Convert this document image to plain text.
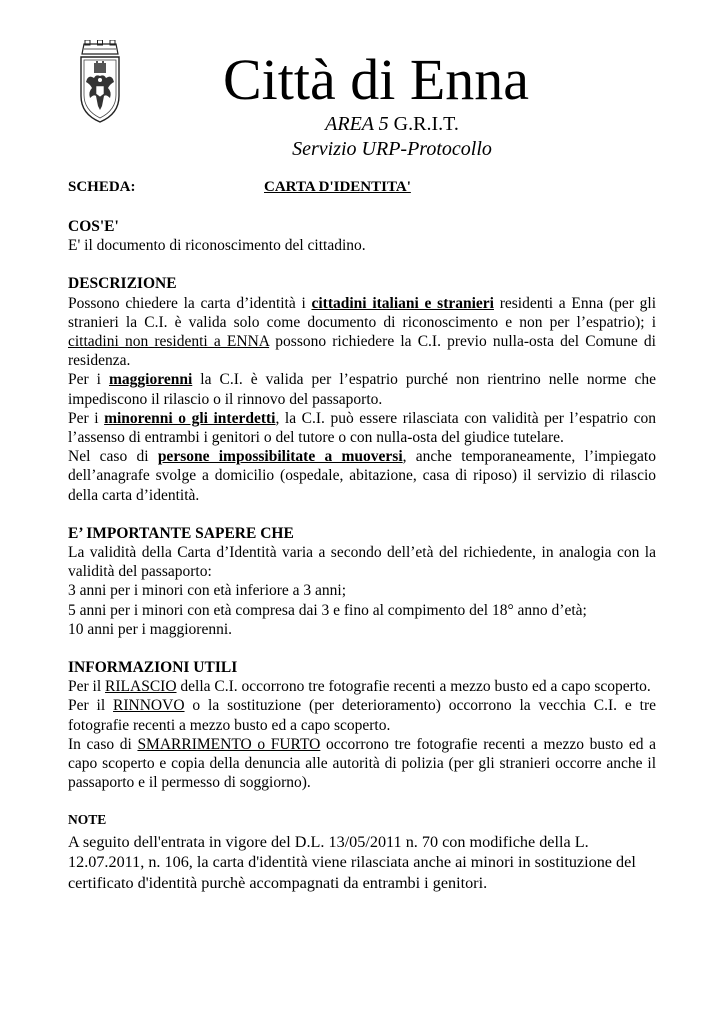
Città di Enna
AREA 5 G.R.I.T.
Servizio URP-Protocollo
SCHEDA:	CARTA D'IDENTITA'

COS'E'

E' il documento di riconoscimento del cittadino.

DESCRIZIONE

Possono chiedere la carta d’identità i cittadini italiani e stranieri residenti a Enna (per gli stranieri la C.I. è valida solo come documento di riconoscimento e non per l’espatrio); i cittadini non residenti a ENNA possono richiedere la C.I. previo nulla-osta del Comune di residenza.

Per i maggiorenni la C.I. è valida per l’espatrio purché non rientrino nelle norme che impediscono il rilascio o il rinnovo del passaporto.

Per i minorenni o gli interdetti, la C.I. può essere rilasciata con validità per l’espatrio con l’assenso di entrambi i genitori o del tutore o con nulla-osta del giudice tutelare.

Nel caso di persone impossibilitate a muoversi, anche temporaneamente, l’impiegato dell’anagrafe svolge a domicilio (ospedale, abitazione, casa di riposo) il servizio di rilascio della carta d’identità.

E’ IMPORTANTE SAPERE CHE

La validità della Carta d’Identità varia a secondo dell’età del richiedente, in analogia con la validità del passaporto:

3 anni per i minori con età inferiore a 3 anni;

5 anni per i minori con età compresa dai 3 e fino al compimento del 18° anno d’età;

10 anni per i maggiorenni.

INFORMAZIONI UTILI

Per il RILASCIO della C.I. occorrono tre fotografie recenti a mezzo busto ed a capo scoperto.

Per il RINNOVO o la sostituzione (per deterioramento) occorrono la vecchia C.I. e tre fotografie recenti a mezzo busto ed a capo scoperto.

In caso di SMARRIMENTO o FURTO occorrono tre fotografie recenti a mezzo busto ed a capo scoperto e copia della denuncia alle autorità di polizia (per gli stranieri occorre anche il passaporto e il permesso di soggiorno).

NOTE

A seguito dell'entrata in vigore del D.L. 13/05/2011 n. 70 con modifiche della L. 12.07.2011, n. 106, la carta d'identità viene rilasciata anche ai minori in sostituzione del certificato d'identità purchè accompagnati da entrambi i genitori.
